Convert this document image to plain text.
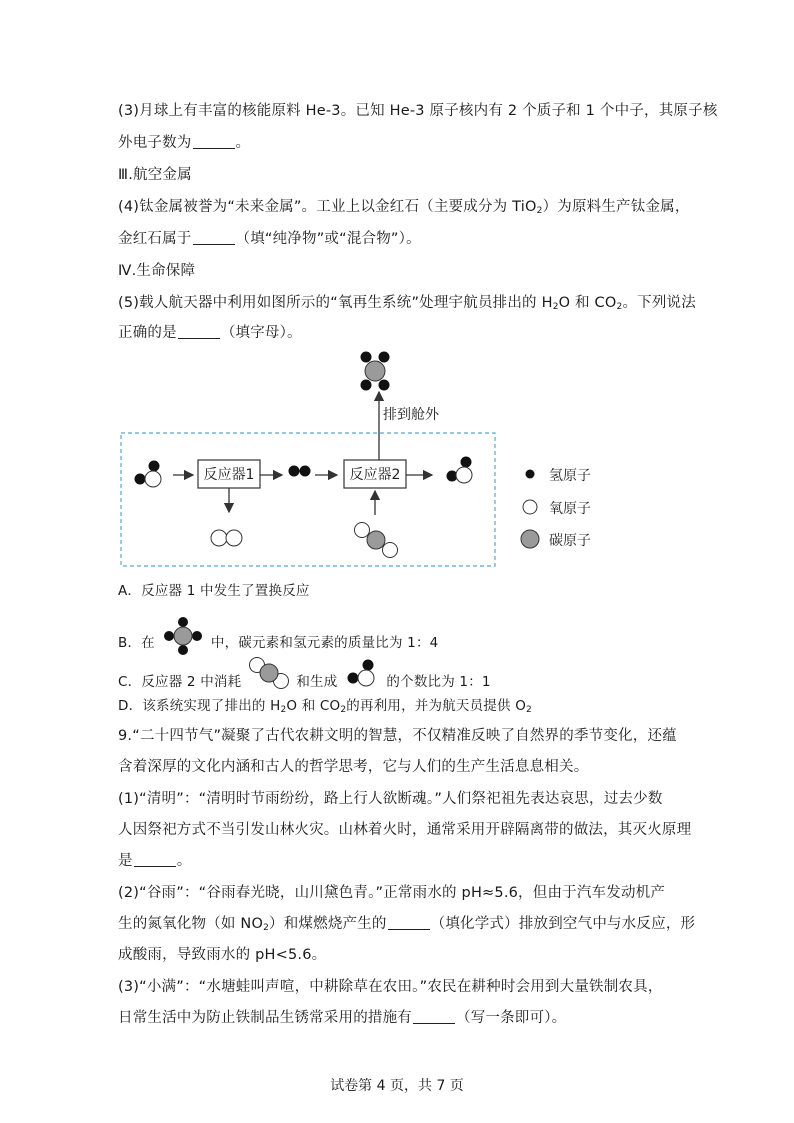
(3)月球上有丰富的核能原料 He-3。已知 He-3 原子核内有 2 个质子和 1 个中子，其原子核
外电子数为	。
Ⅲ.航空金属
(4)钛金属被誉为“未来金属”。工业上以金红石（主要成分为 TiO$_2$）为原料生产钛金属，
金红石属于	（填“纯净物”或“混合物”）。
Ⅳ.生命保障
(5)载人航天器中利用如图所示的“氧再生系统”处理宇航员排出的 $H_2O$ 和 $CO_2$。下列说法
正确的是	（填字母）。
排到舱外
反应器1	反应器2	氢原子
氧原子
碳原子
A．反应器 1 中发生了置换反应
B．在	中，碳元素和氢元素的质量比为 1：4
C．反应器 2 中消耗	和生成	的个数比为 1：1
D．该系统实现了排出的 $H_2O$ 和 $CO_2$的再利用，并为航天员提供 $O_2$
9.“二十四节气”凝聚了古代农耕文明的智慧，不仅精准反映了自然界的季节变化，还蕴
含着深厚的文化内涵和古人的哲学思考，它与人们的生产生活息息相关。
(1)“清明”：“清明时节雨纷纷，路上行人欲断魂。”人们祭祀祖先表达哀思，过去少数
人因祭祀方式不当引发山林火灾。山林着火时，通常采用开辟隔离带的做法，其灭火原理
是	。
(2)“谷雨”：“谷雨春光晓，山川黛色青。”正常雨水的 pH≈5.6，但由于汽车发动机产
生的氮氧化物（如 $NO_2$）和煤燃烧产生的	（填化学式）排放到空气中与水反应，形
成酸雨，导致雨水的 pH<5.6。
(3)“小满”：“水塘蛙叫声喧，中耕除草在农田。”农民在耕种时会用到大量铁制农具，
日常生活中为防止铁制品生锈常采用的措施有	（写一条即可）。
试卷第 4 页，共 7 页
